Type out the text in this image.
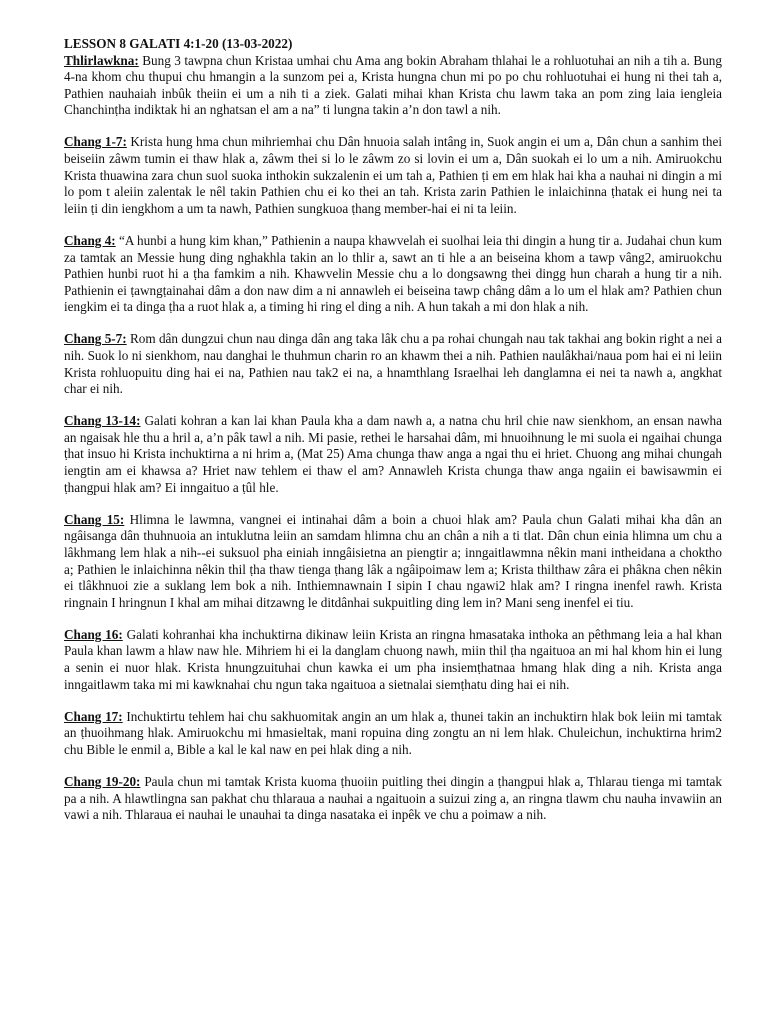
LESSON 8 GALATI 4:1-20 (13-03-2022)

Thlirlawkna: Bung 3 tawpna chun Kristaa umhai chu Ama ang bokin Abraham thlahai le a rohluotuhai an nih a tih a. Bung 4-na khom chu thupui chu hmangin a la sunzom pei a, Krista hungna chun mi po po chu rohluotuhai ei hung ni thei tah a, Pathien nauhaiah inbûk theiin ei um a nih ti a ziek. Galati mihai khan Krista chu lawm taka an pom zing laia iengleia Chanchinṭha indiktak hi an nghatsan el am a na” ti lungna takin a’n don tawl a nih.

Chang 1-7: Krista hung hma chun mihriemhai chu Dân hnuoia salah intâng in, Suok angin ei um a, Dân chun a sanhim thei beiseiin zâwm tumin ei thaw hlak a, zâwm thei si lo le zâwm zo si lovin ei um a, Dân suokah ei lo um a nih. Amiruokchu Krista thuawina zara chun suol suoka inthokin sukzalenin ei um tah a, Pathien ṭi em em hlak hai kha a nauhai ni dingin a mi lo pom t aleiin zalentak le nêl takin Pathien chu ei ko thei an tah. Krista zarin Pathien le inlaichinna ṭhatak ei hung nei ta leiin ṭi din iengkhom a um ta nawh, Pathien sungkuoa ṭhang member-hai ei ni ta leiin.

Chang 4: “A hunbi a hung kim khan,” Pathienin a naupa khawvelah ei suolhai leia thi dingin a hung tir a. Judahai chun kum za tamtak an Messie hung ding nghakhla takin an lo thlir a, sawt an ti hle a an beiseina khom a tawp vâng2, amiruokchu Pathien hunbi ruot hi a ṭha famkim a nih. Khawvelin Messie chu a lo dongsawng thei dingg hun charah a hung tir a nih. Pathienin ei ṭawngṭainahai dâm a don naw dim a ni annawleh ei beiseina tawp châng dâm a lo um el hlak am? Pathien chun iengkim ei ta dinga ṭha a ruot hlak a, a timing hi ring el ding a nih. A hun takah a mi don hlak a nih.

Chang 5-7: Rom dân dungzui chun nau dinga dân ang taka lâk chu a pa rohai chungah nau tak takhai ang bokin right a nei a nih. Suok lo ni sienkhom, nau danghai le thuhmun charin ro an khawm thei a nih. Pathien naulâkhai/naua pom hai ei ni leiin Krista rohluopuitu ding hai ei na, Pathien nau tak2 ei na, a hnamthlang Israelhai leh danglamna ei nei ta nawh a, angkhat char ei nih.

Chang 13-14: Galati kohran a kan lai khan Paula kha a dam nawh a, a natna chu hril chie naw sienkhom, an ensan nawha an ngaisak hle thu a hril a, a’n pâk tawl a nih. Mi pasie, rethei le harsahai dâm, mi hnuoihnung le mi suola ei ngaihai chunga ṭhat insuo hi Krista inchuktirna a ni hrim a, (Mat 25) Ama chunga thaw anga a ngai thu ei hriet. Chuong ang mihai chungah iengtin am ei khawsa a? Hriet naw tehlem ei thaw el am? Annawleh Krista chunga thaw anga ngaiin ei bawisawmin ei ṭhangpui hlak am? Ei inngaituo a ṭûl hle.

Chang 15: Hlimna le lawmna, vangnei ei intinahai dâm a boin a chuoi hlak am? Paula chun Galati mihai kha dân an ngâisanga dân thuhnuoia an intuklutna leiin an samdam hlimna chu an chân a nih a ti tlat. Dân chun einia hlimna um chu a lâkhmang lem hlak a nih--ei suksuol pha einiah inngâisietna an piengtir a; inngaitlawmna nêkin mani intheidana a choktho a; Pathien le inlaichinna nêkin thil ṭha thaw tienga ṭhang lâk a ngâipoimaw lem a; Krista thilthaw zâra ei phâkna chen nêkin ei tlâkhnuoi zie a suklang lem bok a nih. Inthiemnawnain I sipin I chau ngawi2 hlak am? I ringna inenfel rawh. Krista ringnain I hringnun I khal am mihai ditzawng le ditdânhai sukpuitling ding lem in? Mani seng inenfel ei tiu.

Chang 16: Galati kohranhai kha inchuktirna dikinaw leiin Krista an ringna hmasataka inthoka an pêthmang leia a hal khan Paula khan lawm a hlaw naw hle. Mihriem hi ei la danglam chuong nawh, miin thil ṭha ngaituoa an mi hal khom hin ei lung a senin ei nuor hlak. Krista hnungzuituhai chun kawka ei um pha insiemṭhatnaa hmang hlak ding a nih. Krista anga inngaitlawm taka mi mi kawknahai chu ngun taka ngaituoa a sietnalai siemṭhatu ding hai ei nih.

Chang 17: Inchuktirtu tehlem hai chu sakhuomitak angin an um hlak a, thunei takin an inchuktirn hlak bok leiin mi tamtak an ṭhuoihmang hlak. Amiruokchu mi hmasieltak, mani ropuina ding zongtu an ni lem hlak. Chuleichun, inchuktirna hrim2 chu Bible le enmil a, Bible a kal le kal naw en pei hlak ding a nih.

Chang 19-20: Paula chun mi tamtak Krista kuoma ṭhuoiin puitling thei dingin a ṭhangpui hlak a, Thlarau tienga mi tamtak pa a nih. A hlawtlingna san pakhat chu thlaraua a nauhai a ngaituoin a suizui zing a, an ringna tlawm chu nauha invawiin an vawi a nih. Thlaraua ei nauhai le unauhai ta dinga nasataka ei inpêk ve chu a poimaw a nih.
